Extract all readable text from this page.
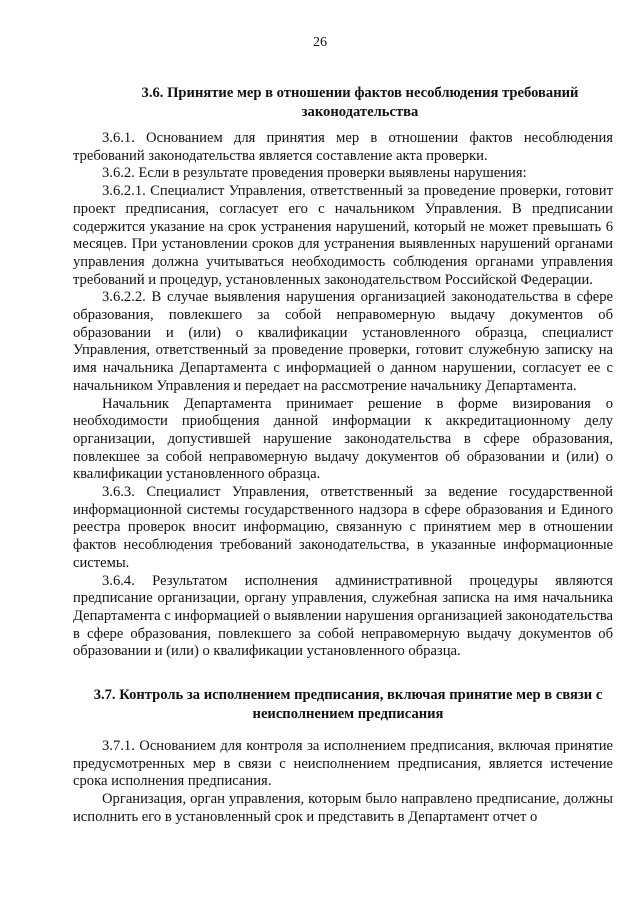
26
3.6. Принятие мер в отношении фактов несоблюдения требований законодательства

3.6.1. Основанием для принятия мер в отношении фактов несоблюдения требований законодательства является составление акта проверки.

3.6.2. Если в результате проведения проверки выявлены нарушения:

3.6.2.1. Специалист Управления, ответственный за проведение проверки, готовит проект предписания, согласует его с начальником Управления. В предписании содержится указание на срок устранения нарушений, который не может превышать 6 месяцев. При установлении сроков для устранения выявленных нарушений органами управления должна учитываться необходимость соблюдения органами управления требований и процедур, установленных законодательством Российской Федерации.

3.6.2.2. В случае выявления нарушения организацией законодательства в сфере образования, повлекшего за собой неправомерную выдачу документов об образовании и (или) о квалификации установленного образца, специалист Управления, ответственный за проведение проверки, готовит служебную записку на имя начальника Департамента с информацией о данном нарушении, согласует ее с начальником Управления и передает на рассмотрение начальнику Департамента.

Начальник Департамента принимает решение в форме визирования о необходимости приобщения данной информации к аккредитационному делу организации, допустившей нарушение законодательства в сфере образования, повлекшее за собой неправомерную выдачу документов об образовании и (или) о квалификации установленного образца.

3.6.3. Специалист Управления, ответственный за ведение государственной информационной системы государственного надзора в сфере образования и Единого реестра проверок вносит информацию, связанную с принятием мер в отношении фактов несоблюдения требований законодательства, в указанные информационные системы.

3.6.4. Результатом исполнения административной процедуры являются предписание организации, органу управления, служебная записка на имя начальника Департамента с информацией о выявлении нарушения организацией законодательства в сфере образования, повлекшего за собой неправомерную выдачу документов об образовании и (или) о квалификации установленного образца.

3.7. Контроль за исполнением предписания, включая принятие мер в связи с неисполнением предписания

3.7.1. Основанием для контроля за исполнением предписания, включая принятие предусмотренных мер в связи с неисполнением предписания, является истечение срока исполнения предписания.

Организация, орган управления, которым было направлено предписание, должны исполнить его в установленный срок и представить в Департамент отчет о
